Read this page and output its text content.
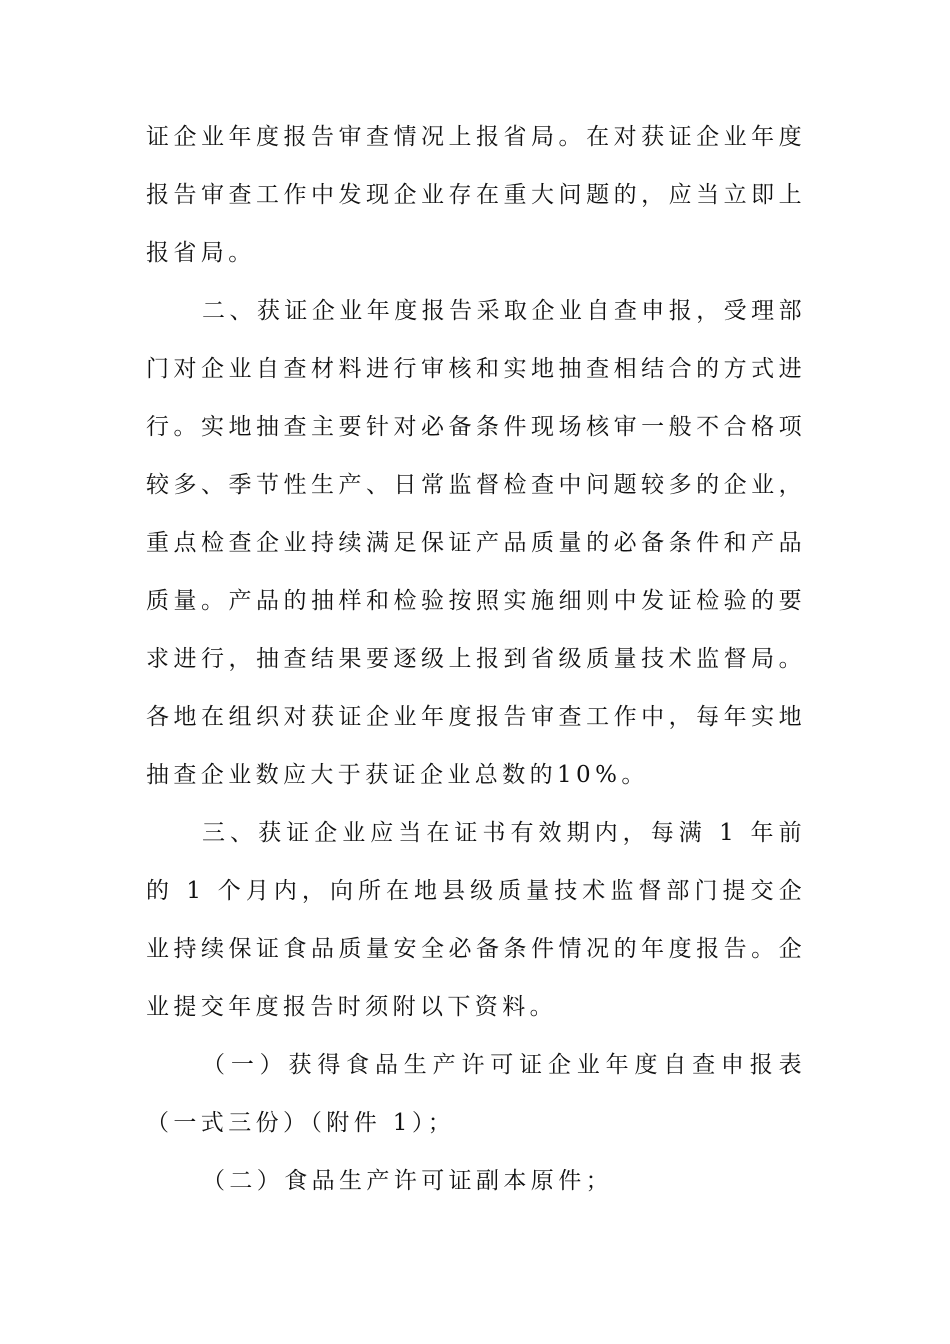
证企业年度报告审查情况上报省局。在对获证企业年度报告审查工作中发现企业存在重大问题的，应当立即上报省局。

二、获证企业年度报告采取企业自查申报，受理部门对企业自查材料进行审核和实地抽查相结合的方式进行。实地抽查主要针对必备条件现场核审一般不合格项较多、季节性生产、日常监督检查中问题较多的企业，重点检查企业持续满足保证产品质量的必备条件和产品质量。产品的抽样和检验按照实施细则中发证检验的要求进行，抽查结果要逐级上报到省级质量技术监督局。各地在组织对获证企业年度报告审查工作中，每年实地抽查企业数应大于获证企业总数的10%。

三、获证企业应当在证书有效期内，每满 1 年前的 1 个月内，向所在地县级质量技术监督部门提交企业持续保证食品质量安全必备条件情况的年度报告。企业提交年度报告时须附以下资料。

（一）获得食品生产许可证企业年度自查申报表（一式三份）（附件 1）；

（二）食品生产许可证副本原件；
